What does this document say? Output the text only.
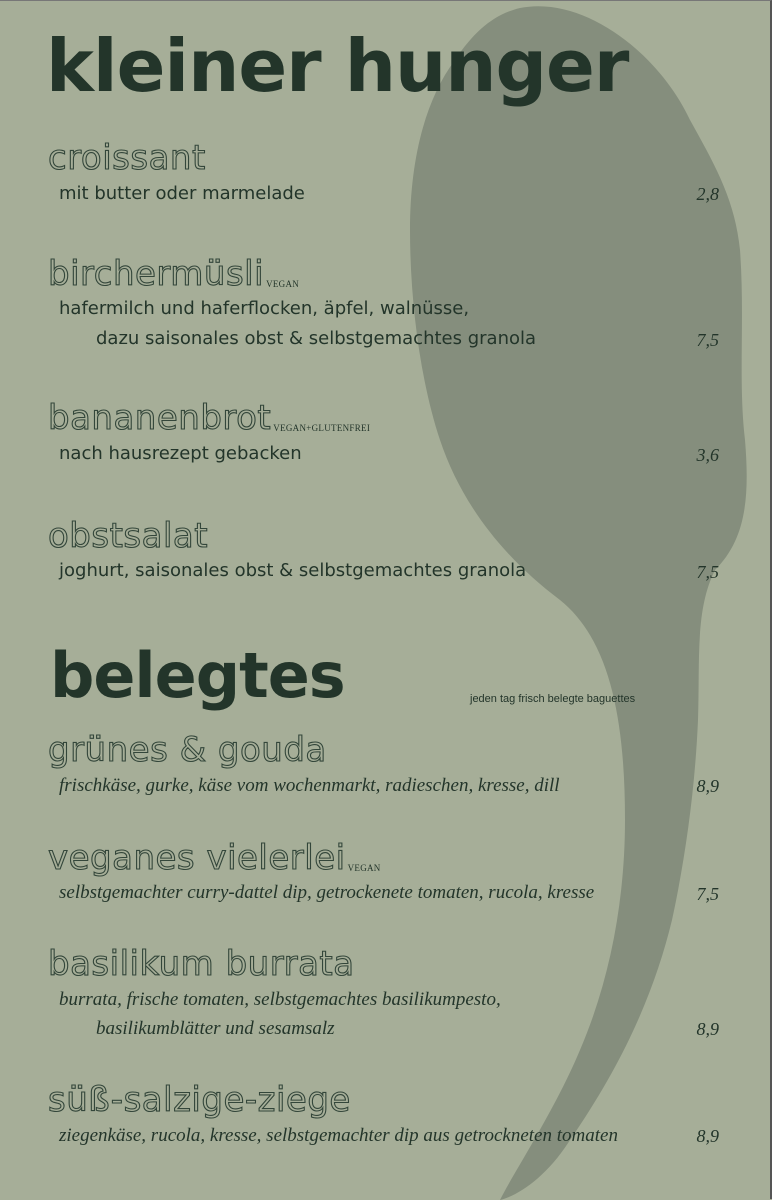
kleiner hunger
croissant
mit butter oder marmelade	2,8
birchermüsli VEGAN
hafermilch und haferflocken, äpfel, walnüsse,
dazu saisonales obst & selbstgemachtes granola	7,5
bananenbrot VEGAN+GLUTENFREI
nach hausrezept gebacken	3,6
obstsalat
joghurt, saisonales obst & selbstgemachtes granola	7,5
belegtes	jeden tag frisch belegte baguettes
grünes & gouda
frischkäse, gurke, käse vom wochenmarkt, radieschen, kresse, dill	8,9
veganes vielerlei VEGAN
selbstgemachter curry-dattel dip, getrockenete tomaten, rucola, kresse	7,5
basilikum burrata
burrata, frische tomaten, selbstgemachtes basilikumpesto,
basilikumblätter und sesamsalz	8,9
süß-salzige-ziege
ziegenkäse, rucola, kresse, selbstgemachter dip aus getrockneten tomaten	8,9
